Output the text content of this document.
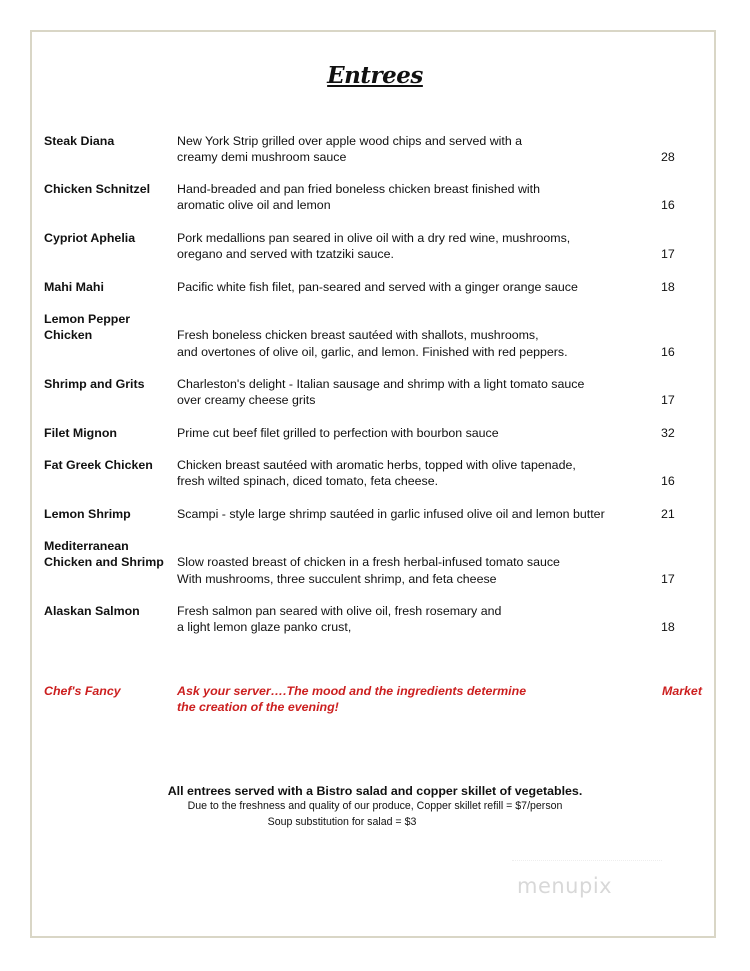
Entrees
Steak Diana	New York Strip grilled over apple wood chips and served with a
creamy demi mushroom sauce	28
Chicken Schnitzel	Hand-breaded and pan fried boneless chicken breast finished with
aromatic olive oil and lemon	16
Cypriot Aphelia	Pork medallions pan seared in olive oil with a dry red wine, mushrooms,
oregano and served with tzatziki sauce.	17
Mahi Mahi	Pacific white fish filet, pan-seared and served with a ginger orange sauce	18
Lemon Pepper
Chicken	Fresh boneless chicken breast sautéed with shallots, mushrooms,
and overtones of olive oil, garlic, and lemon. Finished with red peppers.	16
Shrimp and Grits	Charleston's delight - Italian sausage and shrimp with a light tomato sauce
over creamy cheese grits	17
Filet Mignon	Prime cut beef filet grilled to perfection with bourbon sauce	32
Fat Greek Chicken	Chicken breast sautéed with aromatic herbs, topped with olive tapenade,
fresh wilted spinach, diced tomato, feta cheese.	16
Lemon Shrimp	Scampi - style large shrimp sautéed in garlic infused olive oil and lemon butter	21
Mediterranean
Chicken and Shrimp	Slow roasted breast of chicken in a fresh herbal-infused tomato sauce
With mushrooms, three succulent shrimp, and feta cheese	17
Alaskan Salmon	Fresh salmon pan seared with olive oil, fresh rosemary and
a light lemon glaze panko crust,	18
Chef's Fancy	Ask your server….The mood and the ingredients determine
the creation of the evening!
Market
All entrees served with a Bistro salad and copper skillet of vegetables.
Due to the freshness and quality of our produce, Copper skillet refill = $7/person
Soup substitution for salad = $3
menupix
